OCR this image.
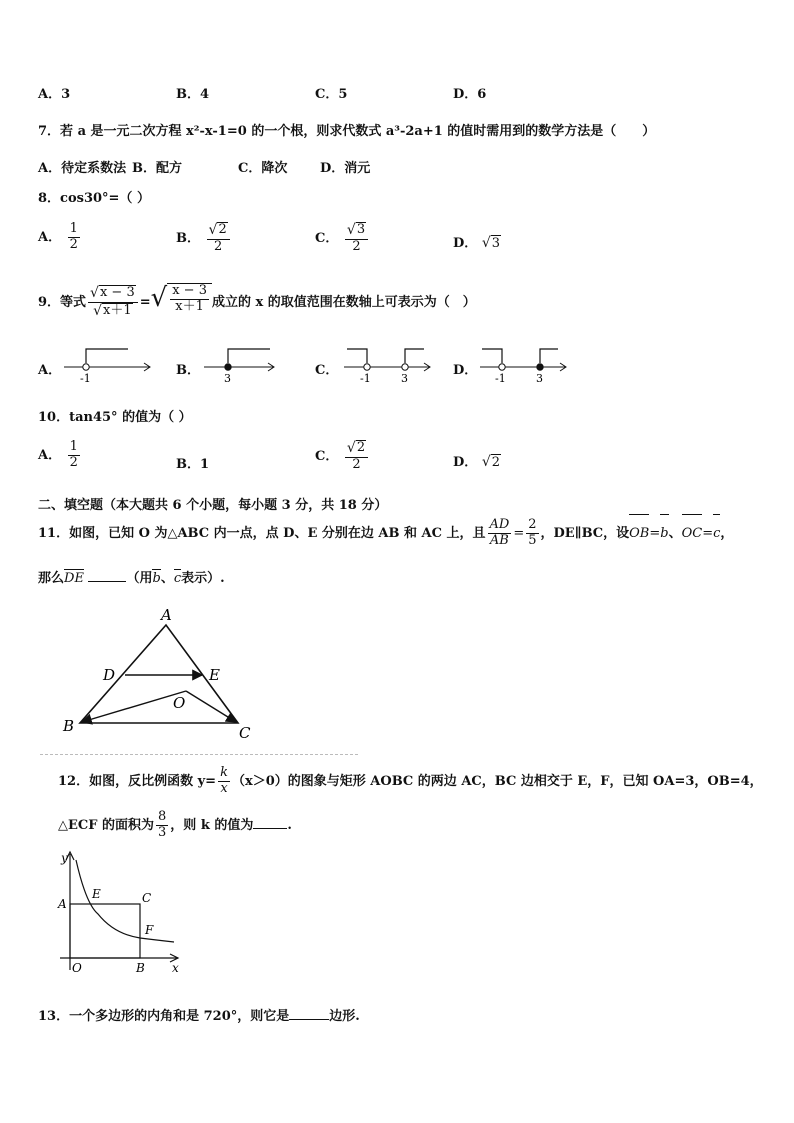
A．3	B．4	C．5	D．6
7．若 a 是一元二次方程 x²-x-1=0 的一个根，则求代数式 a³-2a+1 的值时需用到的数学方法是（　　）
A．待定系数法 B．配方	C．降次	D．消元
8．cos30°=（ ）
A． $\frac{1}{2}$	B． $\frac{√ 2}{2}$	C． $\frac{√ 3}{2}$	D． √ 3
9．等式 $\frac{√ x - 3}{√ x+1}$ = √ $\frac{x - 3}{x+1}$ 成立的 x 的取值范围在数轴上可表示为（　）
A．
-1
B．
3
C．
-1	3
D．
-1	3
10．tan45° 的值为（ ）
A． $\frac{1}{2}$	B．1
C． $\frac{√ 2}{2}$	D． √ 2
二、填空题（本大题共 6 个小题，每小题 3 分，共 18 分）
11．如图，已知 O 为△ABC 内一点，点 D、E 分别在边 AB 和 AC 上，且 $\frac{AD}{AB} = \frac{2}{5}$ ，DE∥BC，设OB=b、OC=c，
那么DE	（用b、c表示）.
A
D	E
O
B	C
12．如图，反比例函数 $y= \frac{k}{x} (x>0)$的图象与矩形 AOBC 的两边 AC，BC 边相交于 E，F，已知 OA=3，OB=4，
△ECF 的面积为 $\frac{8}{3}$ ，则 k 的值为	.
y
A
E	C
F
O	B x
13．一个多边形的内角和是 720°，则它是	边形.
